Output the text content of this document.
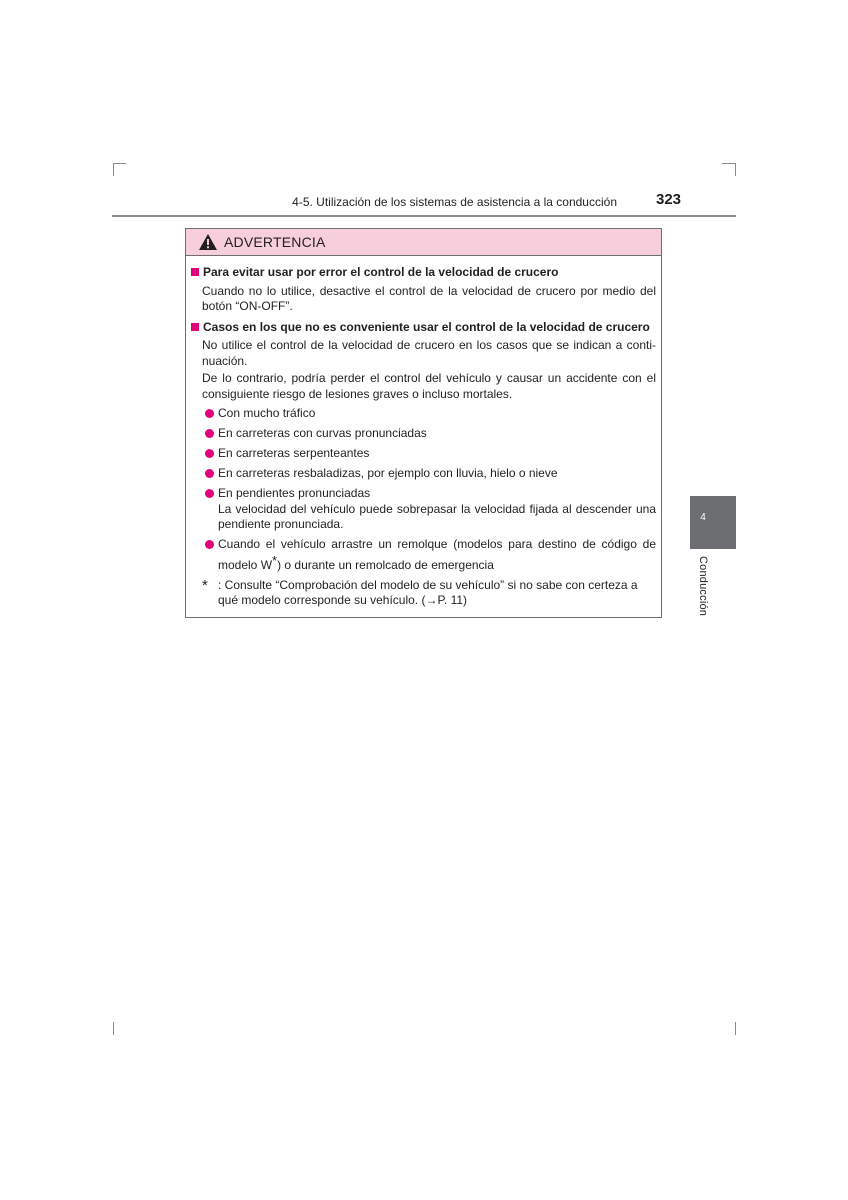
4-5. Utilización de los sistemas de asistencia a la conducción	323
ADVERTENCIA
Para evitar usar por error el control de la velocidad de crucero
Cuando no lo utilice, desactive el control de la velocidad de crucero por medio del botón “ON-OFF”.
Casos en los que no es conveniente usar el control de la velocidad de crucero
No utilice el control de la velocidad de crucero en los casos que se indican a conti-nuación.
De lo contrario, podría perder el control del vehículo y causar un accidente con el consiguiente riesgo de lesiones graves o incluso mortales.
Con mucho tráfico
En carreteras con curvas pronunciadas
En carreteras serpenteantes
En carreteras resbaladizas, por ejemplo con lluvia, hielo o nieve
En pendientes pronunciadas
La velocidad del vehículo puede sobrepasar la velocidad fijada al descender una pendiente pronunciada.
Cuando el vehículo arrastre un remolque (modelos para destino de código de modelo W*) o durante un remolcado de emergencia
* : Consulte “Comprobación del modelo de su vehículo” si no sabe con certeza a qué modelo corresponde su vehículo. (→P. 11)
4
Conducción
